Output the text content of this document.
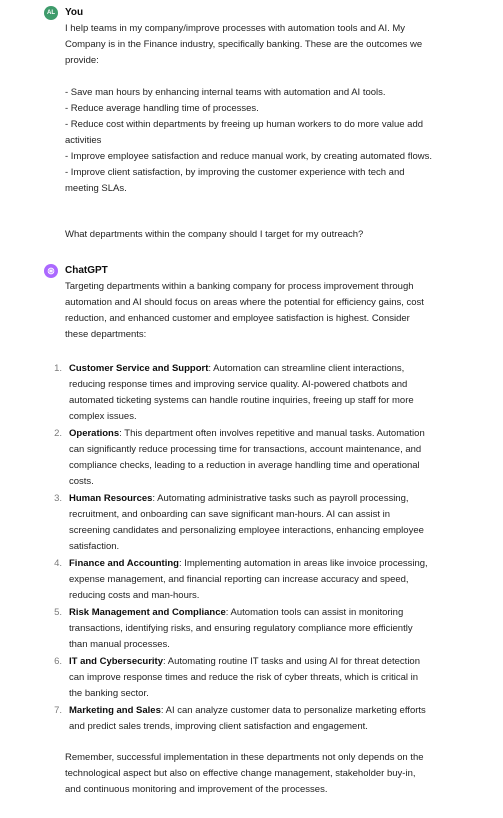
AL	You

I help teams in my company/improve processes with automation tools and AI. My Company is in the Finance industry, specifically banking. These are the outcomes we provide:

- Save man hours by enhancing internal teams with automation and AI tools.

- Reduce average handling time of processes.

- Reduce cost within departments by freeing up human workers to do more value add activities

- Improve employee satisfaction and reduce manual work, by creating automated flows.

- Improve client satisfaction, by improving the customer experience with tech and meeting SLAs.

What departments within the company should I target for my outreach?

ChatGPT

Targeting departments within a banking company for process improvement through automation and AI should focus on areas where the potential for efficiency gains, cost reduction, and enhanced customer and employee satisfaction is highest. Consider these departments:

1. Customer Service and Support: Automation can streamline client interactions, reducing response times and improving service quality. AI-powered chatbots and automated ticketing systems can handle routine inquiries, freeing up staff for more complex issues.
2. Operations: This department often involves repetitive and manual tasks. Automation can significantly reduce processing time for transactions, account maintenance, and compliance checks, leading to a reduction in average handling time and operational costs.
3. Human Resources: Automating administrative tasks such as payroll processing, recruitment, and onboarding can save significant man-hours. AI can assist in screening candidates and personalizing employee interactions, enhancing employee satisfaction.
4. Finance and Accounting: Implementing automation in areas like invoice processing, expense management, and financial reporting can increase accuracy and speed, reducing costs and man-hours.
5. Risk Management and Compliance: Automation tools can assist in monitoring transactions, identifying risks, and ensuring regulatory compliance more efficiently than manual processes.
6. IT and Cybersecurity: Automating routine IT tasks and using AI for threat detection can improve response times and reduce the risk of cyber threats, which is critical in the banking sector.
7. Marketing and Sales: AI can analyze customer data to personalize marketing efforts and predict sales trends, improving client satisfaction and engagement.

Remember, successful implementation in these departments not only depends on the technological aspect but also on effective change management, stakeholder buy-in, and continuous monitoring and improvement of the processes.
